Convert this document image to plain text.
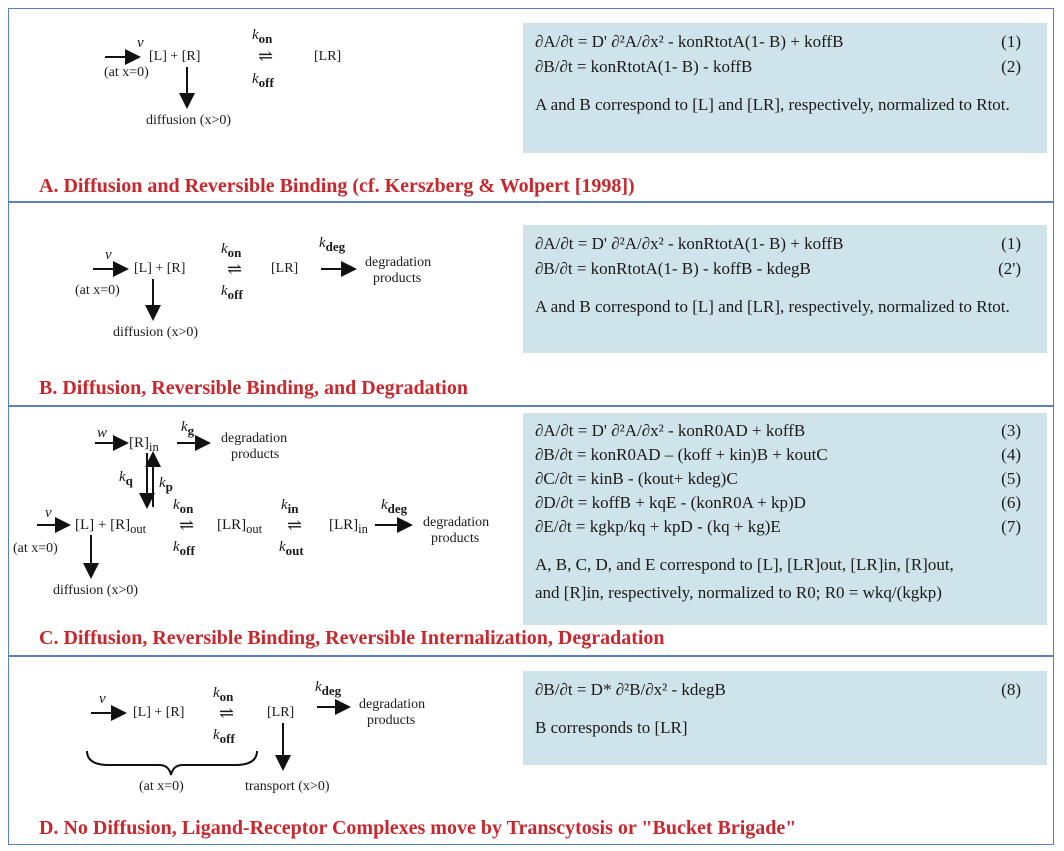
v
(at x=0)
[L] + [R]
$k_{on}$
⇌
$k_{off}$
[LR]
diffusion (x>0)
∂A/∂t = D' ∂²A/∂x² - konRtotA(1- B) + koffB	(1)
∂B/∂t = konRtotA(1- B) - koffB	(2)
A and B correspond to [L] and [LR], respectively, normalized to Rtot.
A. Diffusion and Reversible Binding (cf. Kerszberg & Wolpert [1998])
v
(at x=0)
[L] + [R]
$k_{on}$
⇌
$k_{off}$
[LR]
$k_{deg}$
degradation
products
diffusion (x>0)
∂A/∂t = D' ∂²A/∂x² - konRtotA(1- B) + koffB	(1)
∂B/∂t = konRtotA(1- B) - koffB - kdegB	(2')
A and B correspond to [L] and [LR], respectively, normalized to Rtot.
B. Diffusion, Reversible Binding, and Degradation
w
$[R]_{in}$
$k_g$
degradation
products
$k_q$ $k_p$
v
(at x=0)
$[L] + [R]_{out}$
$k_{on}$
⇌
$k_{off}$
$[LR]_{out}$
$k_{in}$
⇌
$k_{out}$
$[LR]_{in}$
$k_{deg}$
degradation
products
diffusion (x>0)
∂A/∂t = D' ∂²A/∂x² - konR0AD + koffB	(3)
∂B/∂t = konR0AD – (koff + kin)B + koutC	(4)
∂C/∂t = kinB - (kout+ kdeg)C	(5)
∂D/∂t = koffB + kqE - (konR0A + kp)D	(6)
∂E/∂t = kgkp/kq + kpD - (kq + kg)E	(7)
A, B, C, D, and E correspond to [L], [LR]out, [LR]in, [R]out,
and [R]in, respectively, normalized to R0; R0 = wkq/(kgkp)
C. Diffusion, Reversible Binding, Reversible Internalization, Degradation
v
[L] + [R]
$k_{on}$
⇌
$k_{off}$
[LR]
$k_{deg}$
degradation
products
(at x=0)	transport (x>0)
∂B/∂t = D* ∂²B/∂x² - kdegB	(8)
B corresponds to [LR]
D. No Diffusion, Ligand-Receptor Complexes move by Transcytosis or "Bucket Brigade"
